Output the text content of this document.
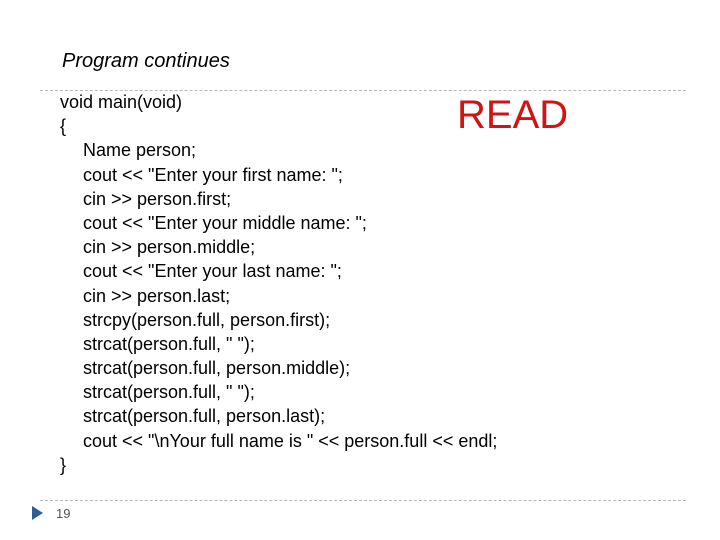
Program continues
READ
void main(void)
{
Name person;
cout << "Enter your first name: ";
cin >> person.first;
cout << "Enter your middle name: ";
cin >> person.middle;
cout << "Enter your last name: ";
cin >> person.last;
strcpy(person.full, person.first);
strcat(person.full, " ");
strcat(person.full, person.middle);
strcat(person.full, " ");
strcat(person.full, person.last);
cout << "\nYour full name is " << person.full << endl;
}
19
